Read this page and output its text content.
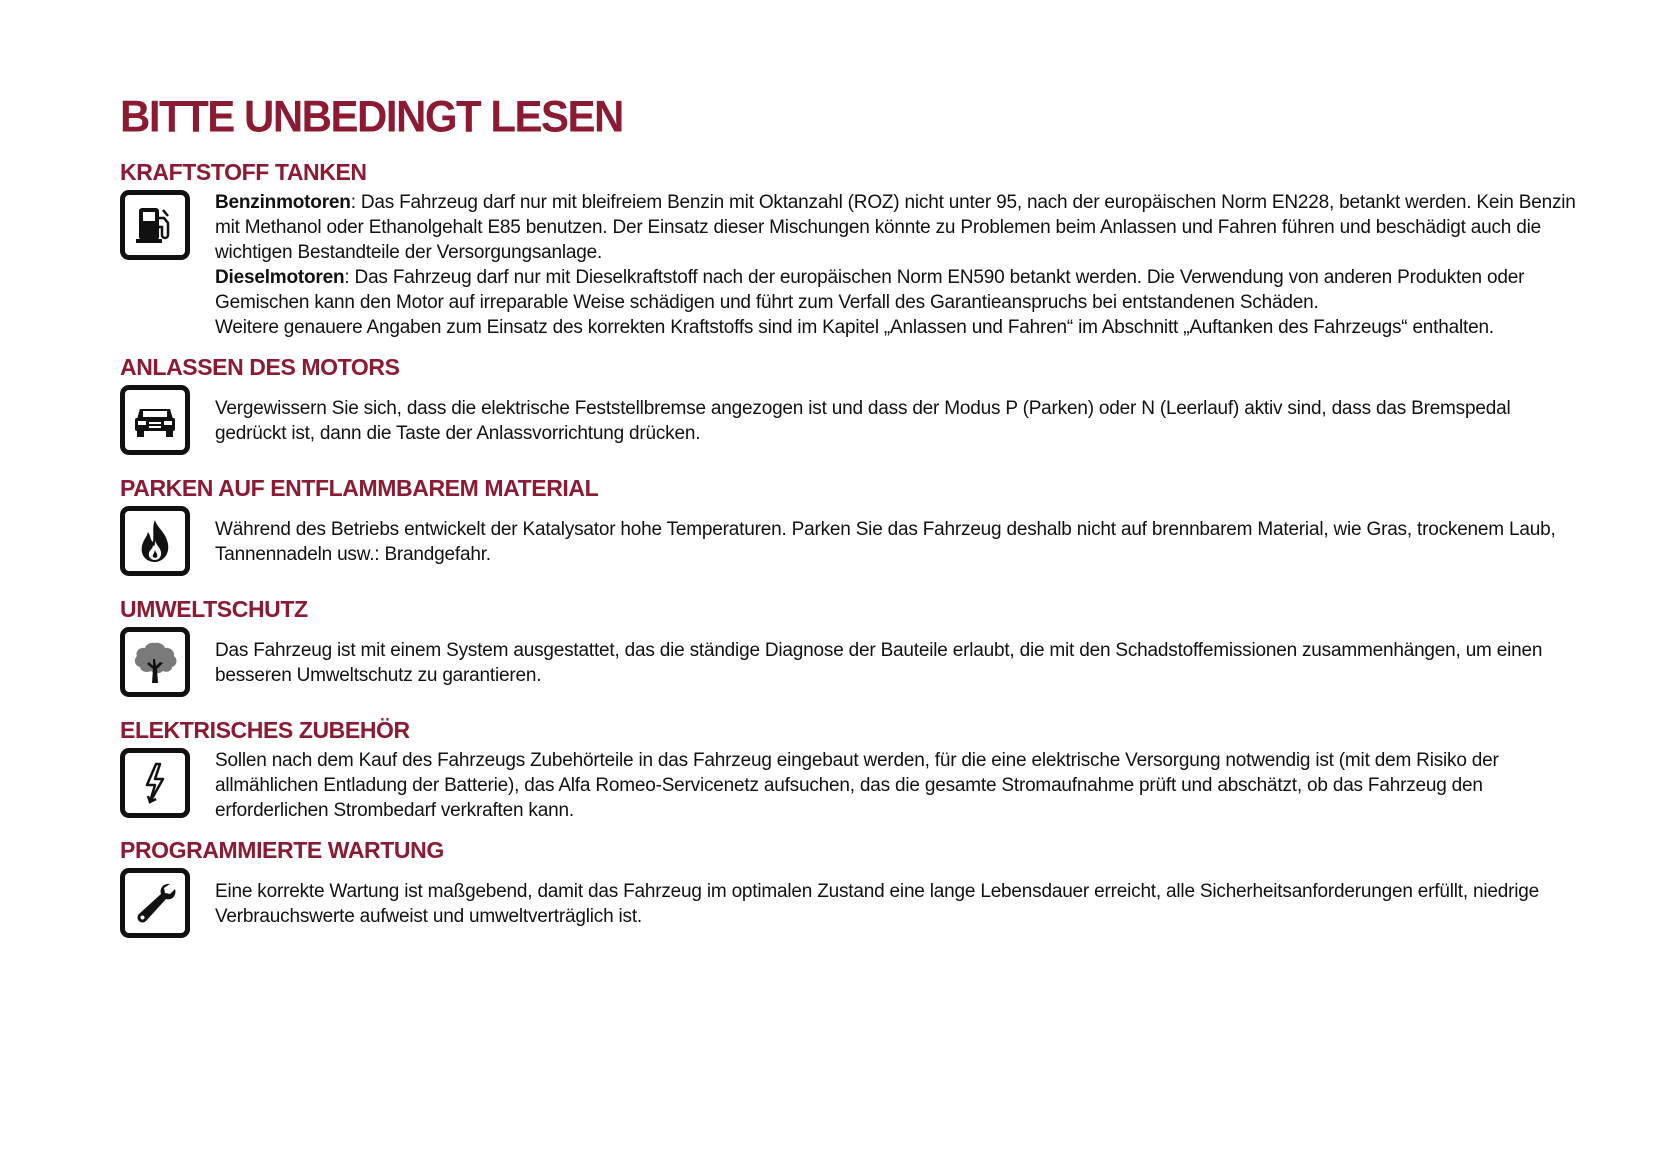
BITTE UNBEDINGT LESEN
KRAFTSTOFF TANKEN

Benzinmotoren: Das Fahrzeug darf nur mit bleifreiem Benzin mit Oktanzahl (ROZ) nicht unter 95, nach der europäischen Norm EN228, betankt werden. Kein Benzin mit Methanol oder Ethanolgehalt E85 benutzen. Der Einsatz dieser Mischungen könnte zu Problemen beim Anlassen und Fahren führen und beschädigt auch die wichtigen Bestandteile der Versorgungsanlage.

Dieselmotoren: Das Fahrzeug darf nur mit Dieselkraftstoff nach der europäischen Norm EN590 betankt werden. Die Verwendung von anderen Produkten oder Gemischen kann den Motor auf irreparable Weise schädigen und führt zum Verfall des Garantieanspruchs bei entstandenen Schäden.

Weitere genauere Angaben zum Einsatz des korrekten Kraftstoffs sind im Kapitel „Anlassen und Fahren“ im Abschnitt „Auftanken des Fahrzeugs“ enthalten.

ANLASSEN DES MOTORS

Vergewissern Sie sich, dass die elektrische Feststellbremse angezogen ist und dass der Modus P (Parken) oder N (Leerlauf) aktiv sind, dass das Bremspedal gedrückt ist, dann die Taste der Anlassvorrichtung drücken.

PARKEN AUF ENTFLAMMBAREM MATERIAL

Während des Betriebs entwickelt der Katalysator hohe Temperaturen. Parken Sie das Fahrzeug deshalb nicht auf brennbarem Material, wie Gras, trockenem Laub, Tannennadeln usw.: Brandgefahr.

UMWELTSCHUTZ

Das Fahrzeug ist mit einem System ausgestattet, das die ständige Diagnose der Bauteile erlaubt, die mit den Schadstoffemissionen zusammenhängen, um einen besseren Umweltschutz zu garantieren.

ELEKTRISCHES ZUBEHÖR

Sollen nach dem Kauf des Fahrzeugs Zubehörteile in das Fahrzeug eingebaut werden, für die eine elektrische Versorgung notwendig ist (mit dem Risiko der allmählichen Entladung der Batterie), das Alfa Romeo-Servicenetz aufsuchen, das die gesamte Stromaufnahme prüft und abschätzt, ob das Fahrzeug den erforderlichen Strombedarf verkraften kann.

PROGRAMMIERTE WARTUNG

Eine korrekte Wartung ist maßgebend, damit das Fahrzeug im optimalen Zustand eine lange Lebensdauer erreicht, alle Sicherheitsanforderungen erfüllt, niedrige Verbrauchswerte aufweist und umweltverträglich ist.
